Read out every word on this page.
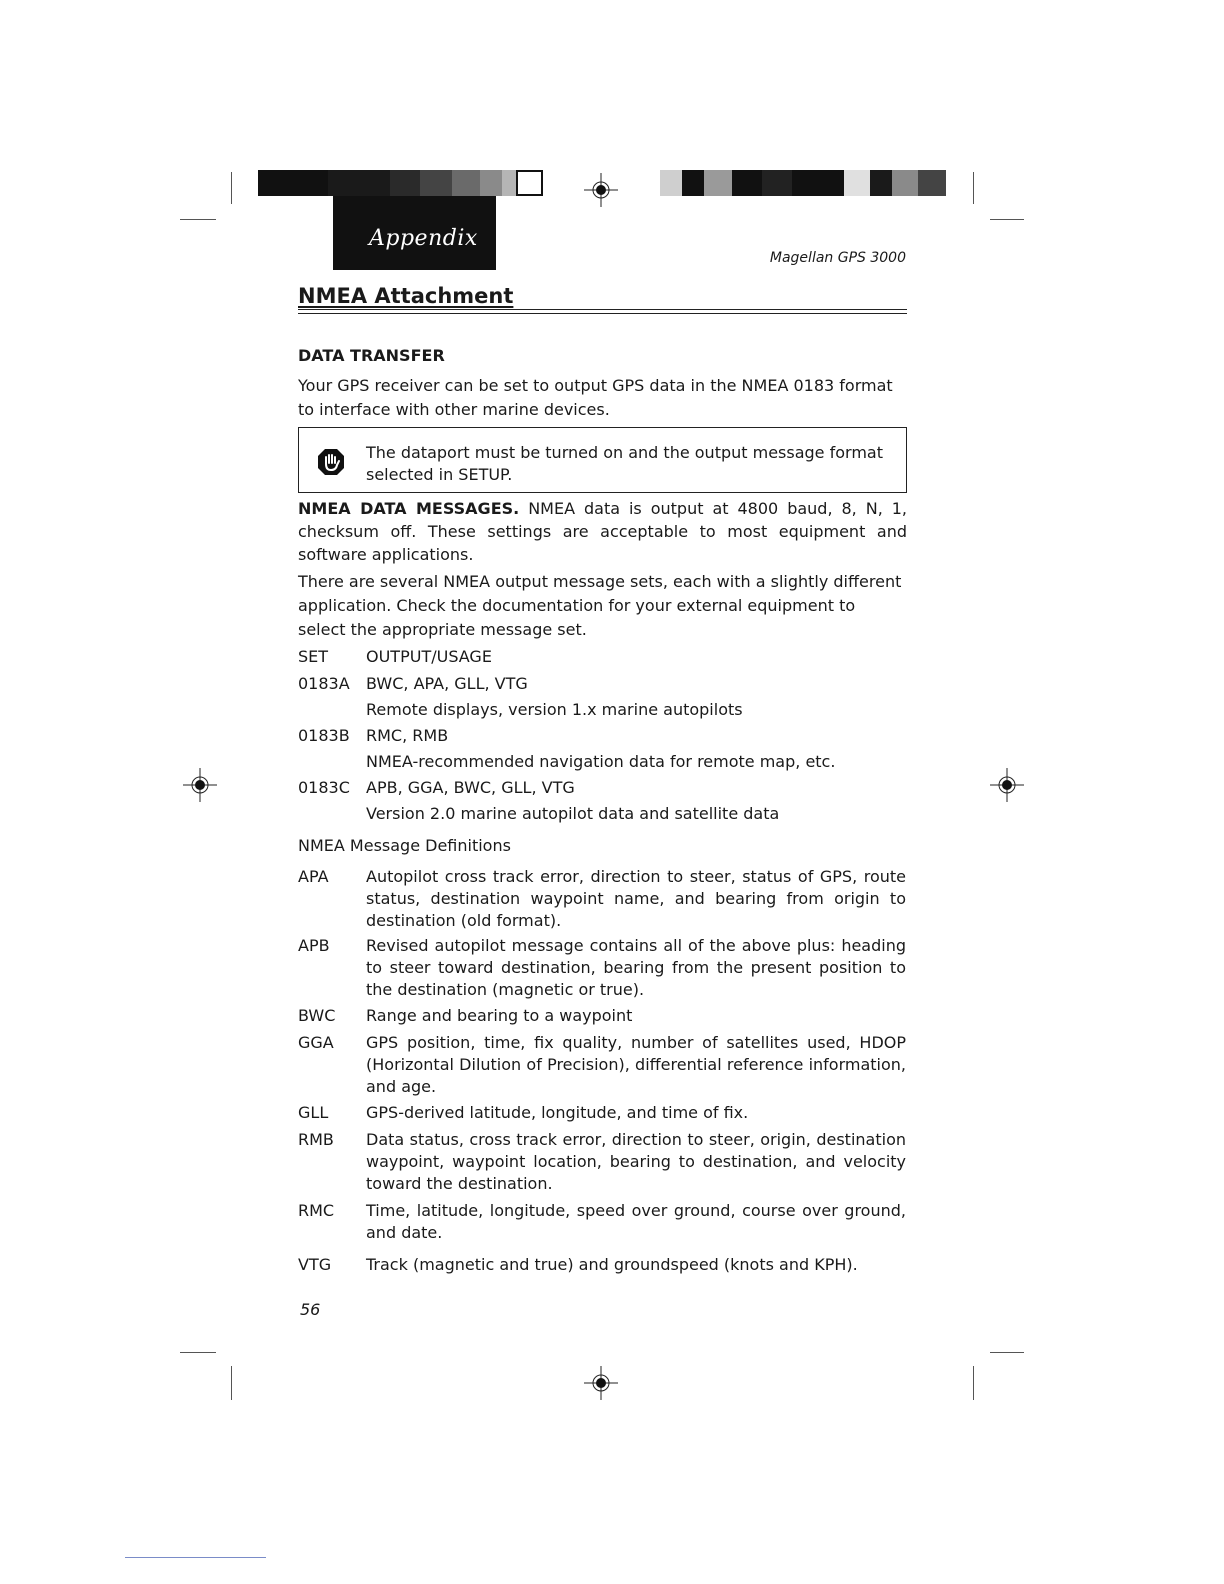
Appendix
Magellan GPS 3000
NMEA Attachment
DATA TRANSFER
Your GPS receiver can be set to output GPS data in the NMEA 0183 format to interface with other marine devices.
The dataport must be turned on and the output message format selected in SETUP.
NMEA DATA MESSAGES. NMEA data is output at 4800 baud, 8, N, 1, checksum off. These settings are acceptable to most equipment and software applications.
There are several NMEA output message sets, each with a slightly different application. Check the documentation for your external equipment to select the appropriate message set.
SET	OUTPUT/USAGE
0183A	BWC, APA, GLL, VTG
Remote displays, version 1.x marine autopilots
0183B	RMC, RMB
NMEA-recommended navigation data for remote map, etc.
0183C	APB, GGA, BWC, GLL, VTG
Version 2.0 marine autopilot data and satellite data
NMEA Message Definitions
APA	Autopilot cross track error, direction to steer, status of GPS, route status, destination waypoint name, and bearing from origin to destination (old format).
APB	Revised autopilot message contains all of the above plus: heading to steer toward destination, bearing from the present position to the destination (magnetic or true).
BWC	Range and bearing to a waypoint
GGA	GPS position, time, fix quality, number of satellites used, HDOP (Horizontal Dilution of Precision), differential reference information, and age.
GLL	GPS-derived latitude, longitude, and time of fix.
RMB	Data status, cross track error, direction to steer, origin, destination waypoint, waypoint location, bearing to destination, and velocity toward the destination.
RMC	Time, latitude, longitude, speed over ground, course over ground, and date.
VTG	Track (magnetic and true) and groundspeed (knots and KPH).
56
